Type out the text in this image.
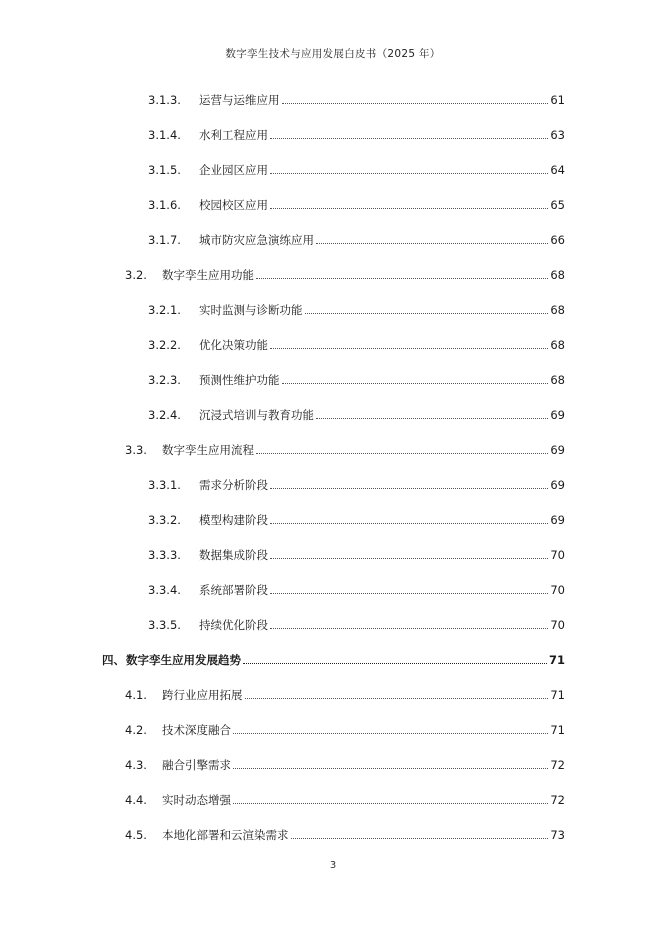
数字孪生技术与应用发展白皮书（2025 年）
3.1.3.	运营与运维应用	61
3.1.4.	水利工程应用	63
3.1.5.	企业园区应用	64
3.1.6.	校园校区应用	65
3.1.7.	城市防灾应急演练应用	66
3.2.	数字孪生应用功能	68
3.2.1.	实时监测与诊断功能	68
3.2.2.	优化决策功能	68
3.2.3.	预测性维护功能	68
3.2.4.	沉浸式培训与教育功能	69
3.3.	数字孪生应用流程	69
3.3.1.	需求分析阶段	69
3.3.2.	模型构建阶段	69
3.3.3.	数据集成阶段	70
3.3.4.	系统部署阶段	70
3.3.5.	持续优化阶段	70
四、 数字孪生应用发展趋势	71
4.1.	跨行业应用拓展	71
4.2.	技术深度融合	71
4.3.	融合引擎需求	72
4.4.	实时动态增强	72
4.5.	本地化部署和云渲染需求	73
3
